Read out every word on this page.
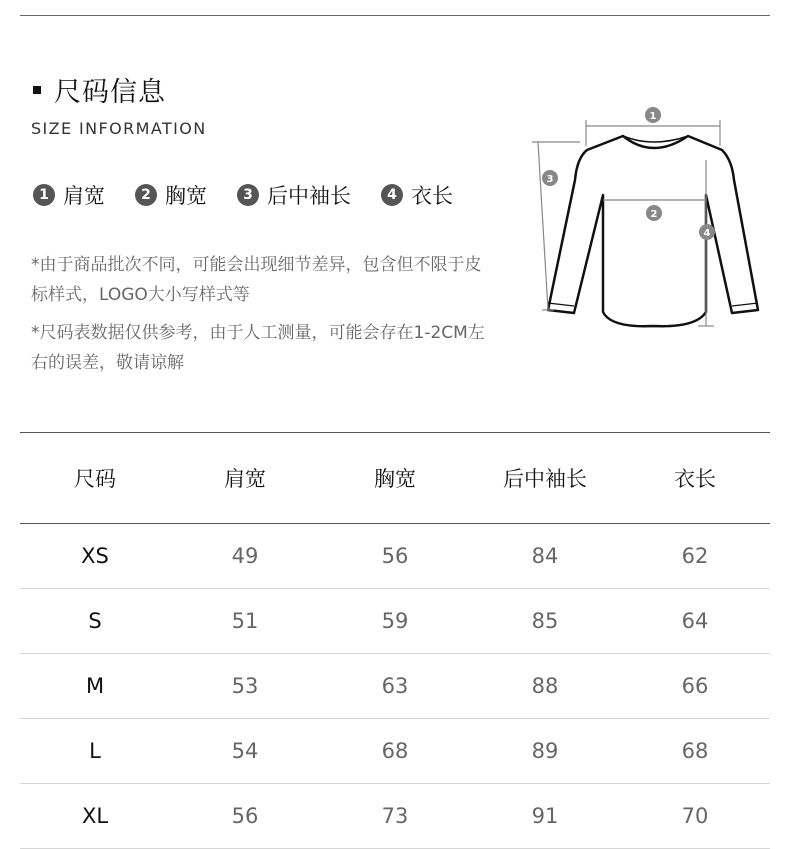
尺码信息
SIZE INFORMATION
1 肩宽	2 胸宽	3 后中袖长	4 衣长
*由于商品批次不同，可能会出现细节差异，包含但不限于皮标样式，LOGO大小写样式等
*尺码表数据仅供参考，由于人工测量，可能会存在1-2CM左右的误差，敬请谅解
1
2
3
4
尺码	肩宽	胸宽	后中袖长	衣长
XS	49	56	84	62
S	51	59	85	64
M	53	63	88	66
L	54	68	89	68
XL	56	73	91	70
